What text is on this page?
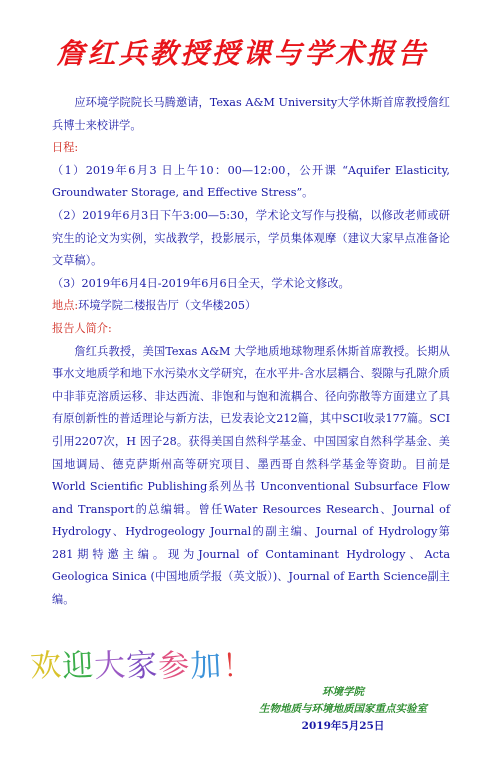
詹红兵教授授课与学术报告

应环境学院院长马腾邀请，Texas A&M University大学休斯首席教授詹红兵博士来校讲学。

日程:

（1）2019年6月3 日上午10：00—12:00，公开课 “Aquifer Elasticity, Groundwater Storage, and Effective Stress”。

（2）2019年6月3日下午3:00—5:30，学术论文写作与投稿，以修改老师或研究生的论文为实例，实战教学，投影展示，学员集体观摩（建议大家早点准备论文草稿）。

（3）2019年6月4日-2019年6月6日全天，学术论文修改。

地点:环境学院二楼报告厅（文华楼205）

报告人简介:

詹红兵教授，美国Texas A&M 大学地质地球物理系休斯首席教授。长期从事水文地质学和地下水污染水文学研究，在水平井-含水层耦合、裂隙与孔隙介质中非菲克溶质运移、非达西流、非饱和与饱和流耦合、径向弥散等方面建立了具有原创新性的普适理论与新方法，已发表论文212篇，其中SCI收录177篇。SCI 引用2207次，H 因子28。获得美国自然科学基金、中国国家自然科学基金、美国地调局、德克萨斯州高等研究项目、墨西哥自然科学基金等资助。目前是World Scientific Publishing系列丛书 Unconventional Subsurface Flow and Transport的总编辑。曾任Water Resources Research、Journal of Hydrology、Hydrogeology Journal的副主编、Journal of Hydrology第281期特邀主编。现为Journal of Contaminant Hydrology、Acta Geologica Sinica (中国地质学报（英文版）)、Journal of Earth Science副主编。

欢迎大家参加！
环境学院
生物地质与环境地质国家重点实验室
2019年5月25日
